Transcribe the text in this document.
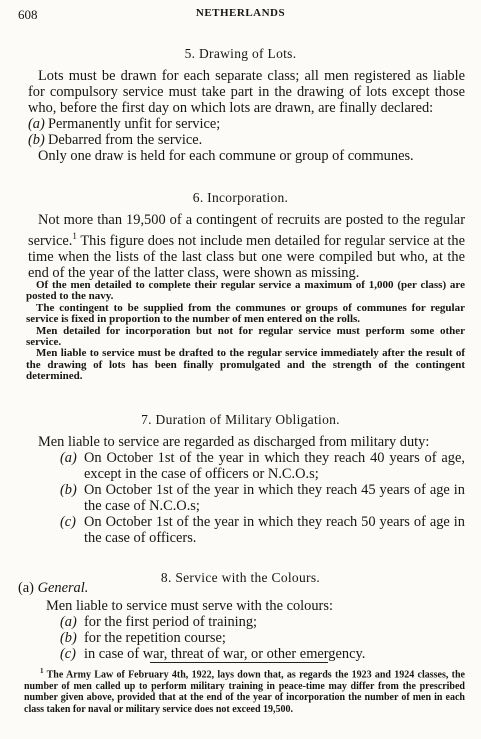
608	NETHERLANDS
5. Drawing of Lots.

Lots must be drawn for each separate class; all men registered as liable for compulsory service must take part in the drawing of lots except those who, before the first day on which lots are drawn, are finally declared:

(a) Permanently unfit for service;
(b) Debarred from the service.

Only one draw is held for each commune or group of communes.

6. Incorporation.

Not more than 19,500 of a contingent of recruits are posted to the regular service.$^1$ This figure does not include men detailed for regular service at the time when the lists of the last class but one were compiled but who, at the end of the year of the latter class, were shown as missing.

Of the men detailed to complete their regular service a maximum of 1,000 (per class) are posted to the navy.

The contingent to be supplied from the communes or groups of communes for regular service is fixed in proportion to the number of men entered on the rolls.

Men detailed for incorporation but not for regular service must perform some other service.

Men liable to service must be drafted to the regular service immediately after the result of the drawing of lots has been finally promulgated and the strength of the contingent determined.

7. Duration of Military Obligation.

Men liable to service are regarded as discharged from military duty:

(a) On October 1st of the year in which they reach 40 years of age, except in the case of officers or N.C.O.s;
(b) On October 1st of the year in which they reach 45 years of age in the case of N.C.O.s;
(c) On October 1st of the year in which they reach 50 years of age in the case of officers.
8. Service with the Colours.
(a) General.

Men liable to service must serve with the colours:

(a) for the first period of training;
(b) for the repetition course;
(c) in case of war, threat of war, or other emergency.
$^1$ The Army Law of February 4th, 1922, lays down that, as regards the 1923 and 1924 classes, the number of men called up to perform military training in peace-time may differ from the prescribed number given above, provided that at the end of the year of incorporation the number of men in each class taken for naval or military service does not exceed 19,500.
